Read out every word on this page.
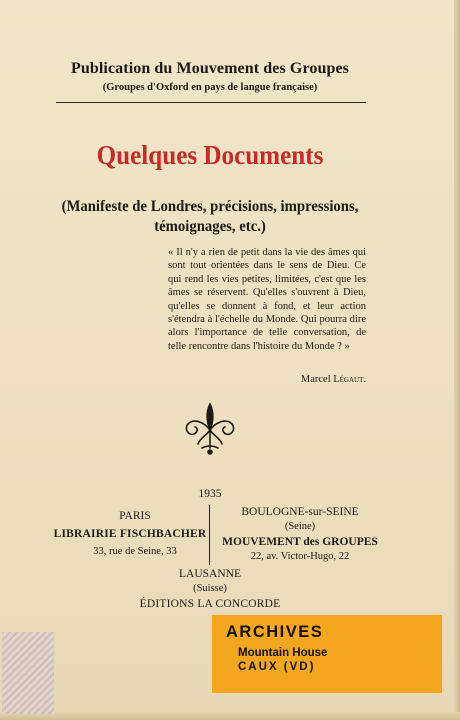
Publication du Mouvement des Groupes
(Groupes d'Oxford en pays de langue française)
Quelques Documents
(Manifeste de Londres, précisions, impressions,
témoignages, etc.)
« Il n'y a rien de petit dans la vie des âmes qui sont tout orientées dans le sens de Dieu. Ce qui rend les vies petites, limitées, c'est que les âmes se réservent. Qu'elles s'ouvrent à Dieu, qu'elles se donnent à fond, et leur action s'étendra à l'échelle du Monde. Qui pourra dire alors l'importance de telle conversation, de telle rencontre dans l'histoire du Monde ? »
Marcel Légaut.
1935
PARIS
LIBRAIRIE FISCHBACHER
33, rue de Seine, 33
BOULOGNE-sur-SEINE
(Seine)
MOUVEMENT des GROUPES
22, av. Victor-Hugo, 22
LAUSANNE
(Suisse)
ÉDITIONS LA CONCORDE
ARCHIVES
Mountain House
CAUX (VD)
